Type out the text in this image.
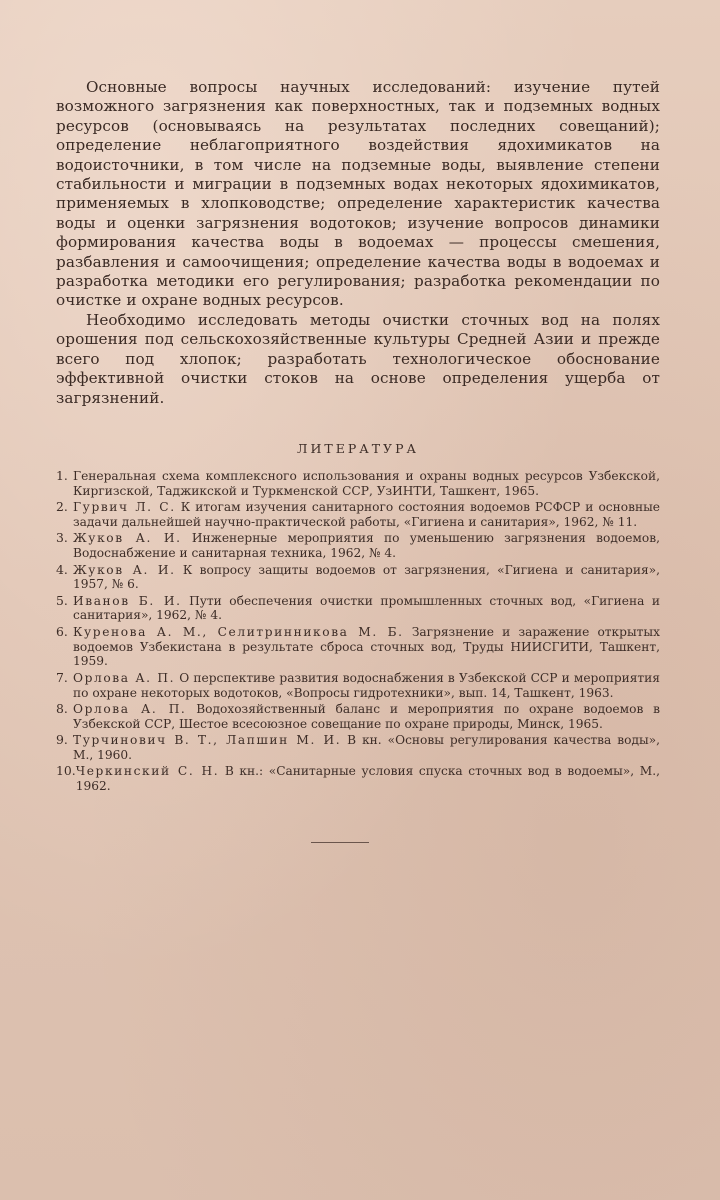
Основные вопросы научных исследований: изучение путей возможного загрязнения как поверхностных, так и подземных водных ресурсов (основываясь на результатах последних совещаний); определение неблагоприятного воздействия ядохимикатов на водоисточники, в том числе на подземные воды, выявление степени стабильности и миграции в подземных водах некоторых ядохимикатов, применяемых в хлопководстве; определение характеристик качества воды и оценки загрязнения водотоков; изучение вопросов динамики формирования качества воды в водоемах — процессы смешения, разбавления и самоочищения; определение качества воды в водоемах и разработка методики его регулирования; разработка рекомендации по очистке и охране водных ресурсов.

Необходимо исследовать методы очистки сточных вод на полях орошения под сельскохозяйственные культуры Средней Азии и прежде всего под хлопок; разработать технологическое обоснование эффективной очистки стоков на основе определения ущерба от загрязнений.

ЛИТЕРАТУРА
1. Генеральная схема комплексного использования и охраны водных ресурсов Узбекской, Киргизской, Таджикской и Туркменской ССР, УзИНТИ, Ташкент, 1965.
2. Гурвич Л. С. К итогам изучения санитарного состояния водоемов РСФСР и основные задачи дальнейшей научно-практической работы, «Гигиена и санитария», 1962, № 11.
3. Жуков А. И. Инженерные мероприятия по уменьшению загрязнения водоемов, Водоснабжение и санитарная техника, 1962, № 4.
4. Жуков А. И. К вопросу защиты водоемов от загрязнения, «Гигиена и санитария», 1957, № 6.
5. Иванов Б. И. Пути обеспечения очистки промышленных сточных вод, «Гигиена и санитария», 1962, № 4.
6. Куренова А. М., Селитринникова М. Б. Загрязнение и заражение открытых водоемов Узбекистана в результате сброса сточных вод, Труды НИИСГИТИ, Ташкент, 1959.
7. Орлова А. П. О перспективе развития водоснабжения в Узбекской ССР и мероприятия по охране некоторых водотоков, «Вопросы гидротехники», вып. 14, Ташкент, 1963.
8. Орлова А. П. Водохозяйственный баланс и мероприятия по охране водоемов в Узбекской ССР, Шестое всесоюзное совещание по охране природы, Минск, 1965.
9. Турчинович В. Т., Лапшин М. И. В кн. «Основы регулирования качества воды», М., 1960.
10. Черкинский С. Н. В кн.: «Санитарные условия спуска сточных вод в водоемы», М., 1962.
